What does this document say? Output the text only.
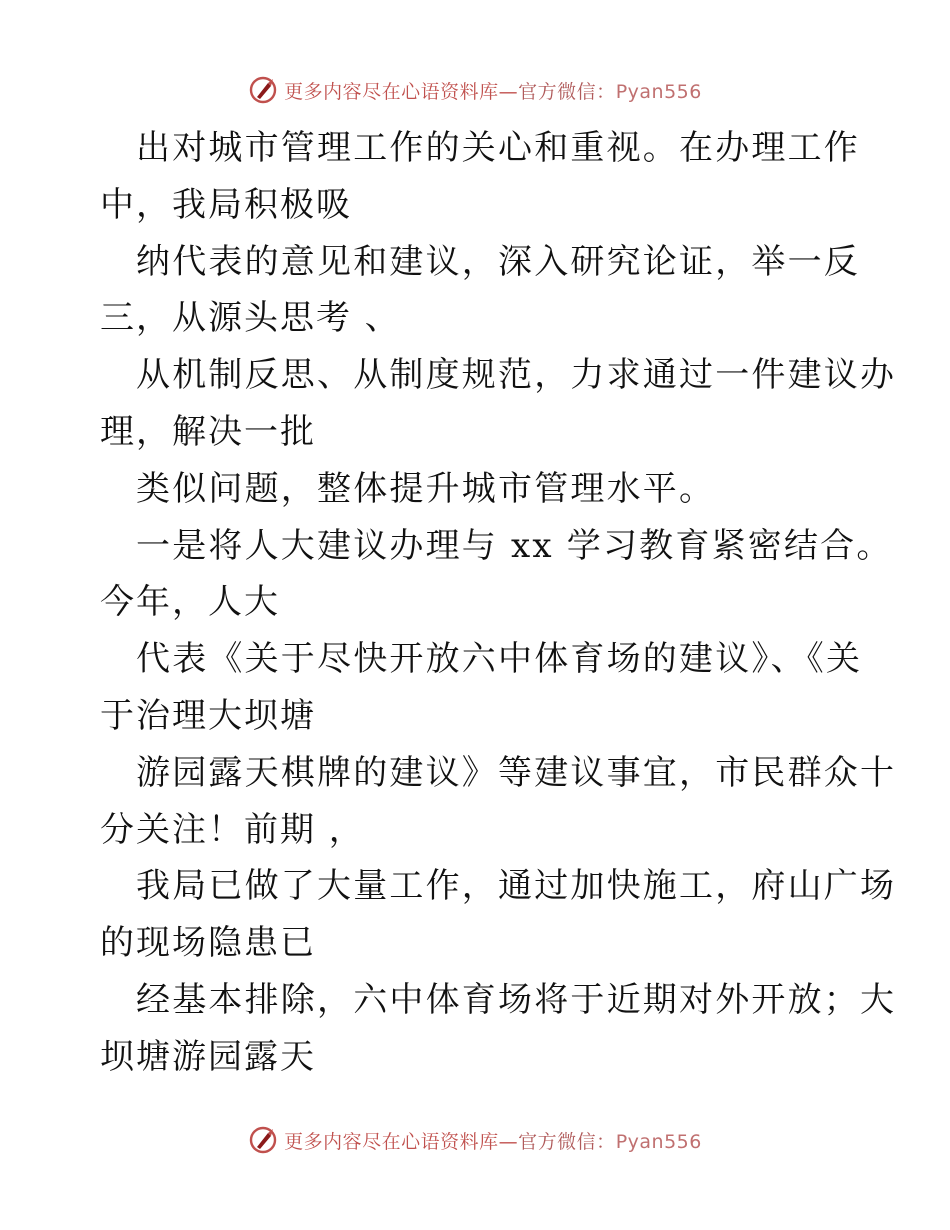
更多内容尽在心语资料库—官方微信：Pyan556
出对城市管理工作的关心和重视。在办理工作
中，我局积极吸
纳代表的意见和建议，深入研究论证，举一反
三，从源头思考 、
从机制反思、从制度规范，力求通过一件建议办
理，解决一批
类似问题，整体提升城市管理水平。
一是将人大建议办理与 xx 学习教育紧密结合。
今年，人大
代表《关于尽快开放六中体育场的建议》、《关
于治理大坝塘
游园露天棋牌的建议》等建议事宜，市民群众十
分关注！前期 ，
我局已做了大量工作，通过加快施工，府山广场
的现场隐患已
经基本排除，六中体育场将于近期对外开放；大
坝塘游园露天
更多内容尽在心语资料库—官方微信：Pyan556
